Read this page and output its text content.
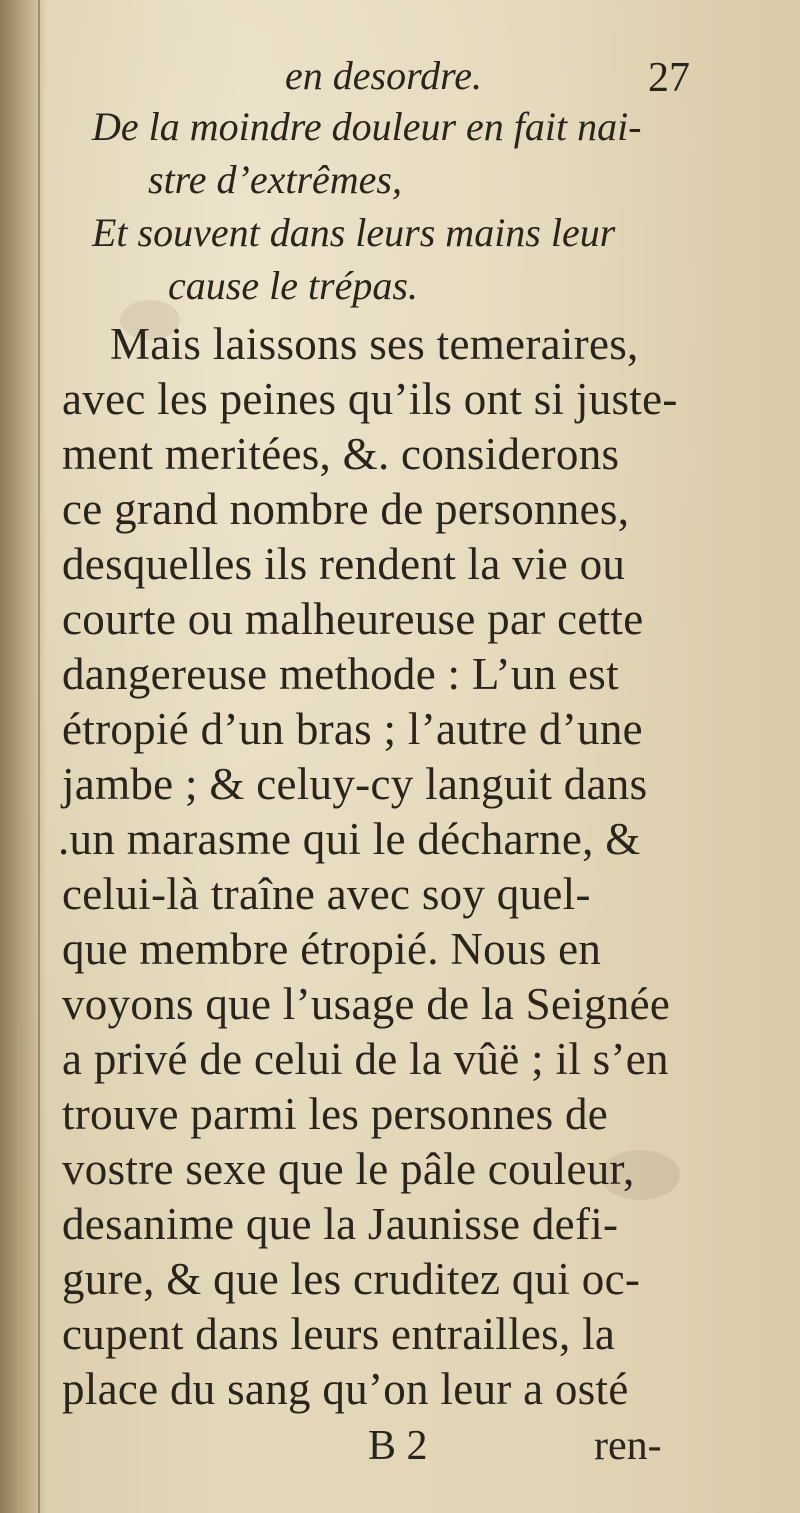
en desordre.	27
De la moindre douleur en fait nai-
stre d’extrêmes,
Et souvent dans leurs mains leur
cause le trépas.
Mais laissons ses temeraires,
avec les peines qu’ils ont si juste-
ment meritées, &. considerons
ce grand nombre de personnes,
desquelles ils rendent la vie ou
courte ou malheureuse par cette
dangereuse methode : L’un est
étropié d’un bras ; l’autre d’une
jambe ; & celuy-cy languit dans
.un marasme qui le décharne, &
celui-là traîne avec soy quel-
que membre étropié. Nous en
voyons que l’usage de la Seignée
a privé de celui de la vûë ; il s’en
trouve parmi les personnes de
vostre sexe que le pâle couleur,
desanime que la Jaunisse defi-
gure, & que les cruditez qui oc-
cupent dans leurs entrailles, la
place du sang qu’on leur a osté
B 2	ren-
